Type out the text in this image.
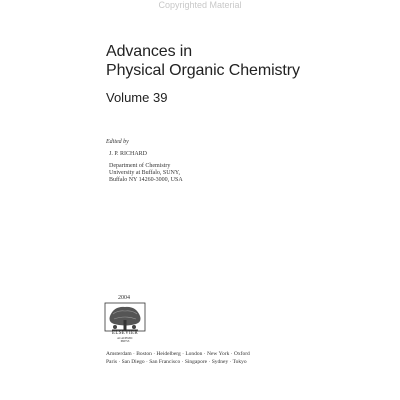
Copyrighted Material
Advances in
Physical Organic Chemistry
Volume 39
Edited by
J. P. RICHARD
Department of Chemistry
University at Buffalo, SUNY,
Buffalo NY 14260-3000, USA
2004
ELSEVIER
ACADEMIC
PRESS
Amsterdam · Boston · Heidelberg · London · New York · Oxford
Paris · San Diego · San Francisco · Singapore · Sydney · Tokyo
